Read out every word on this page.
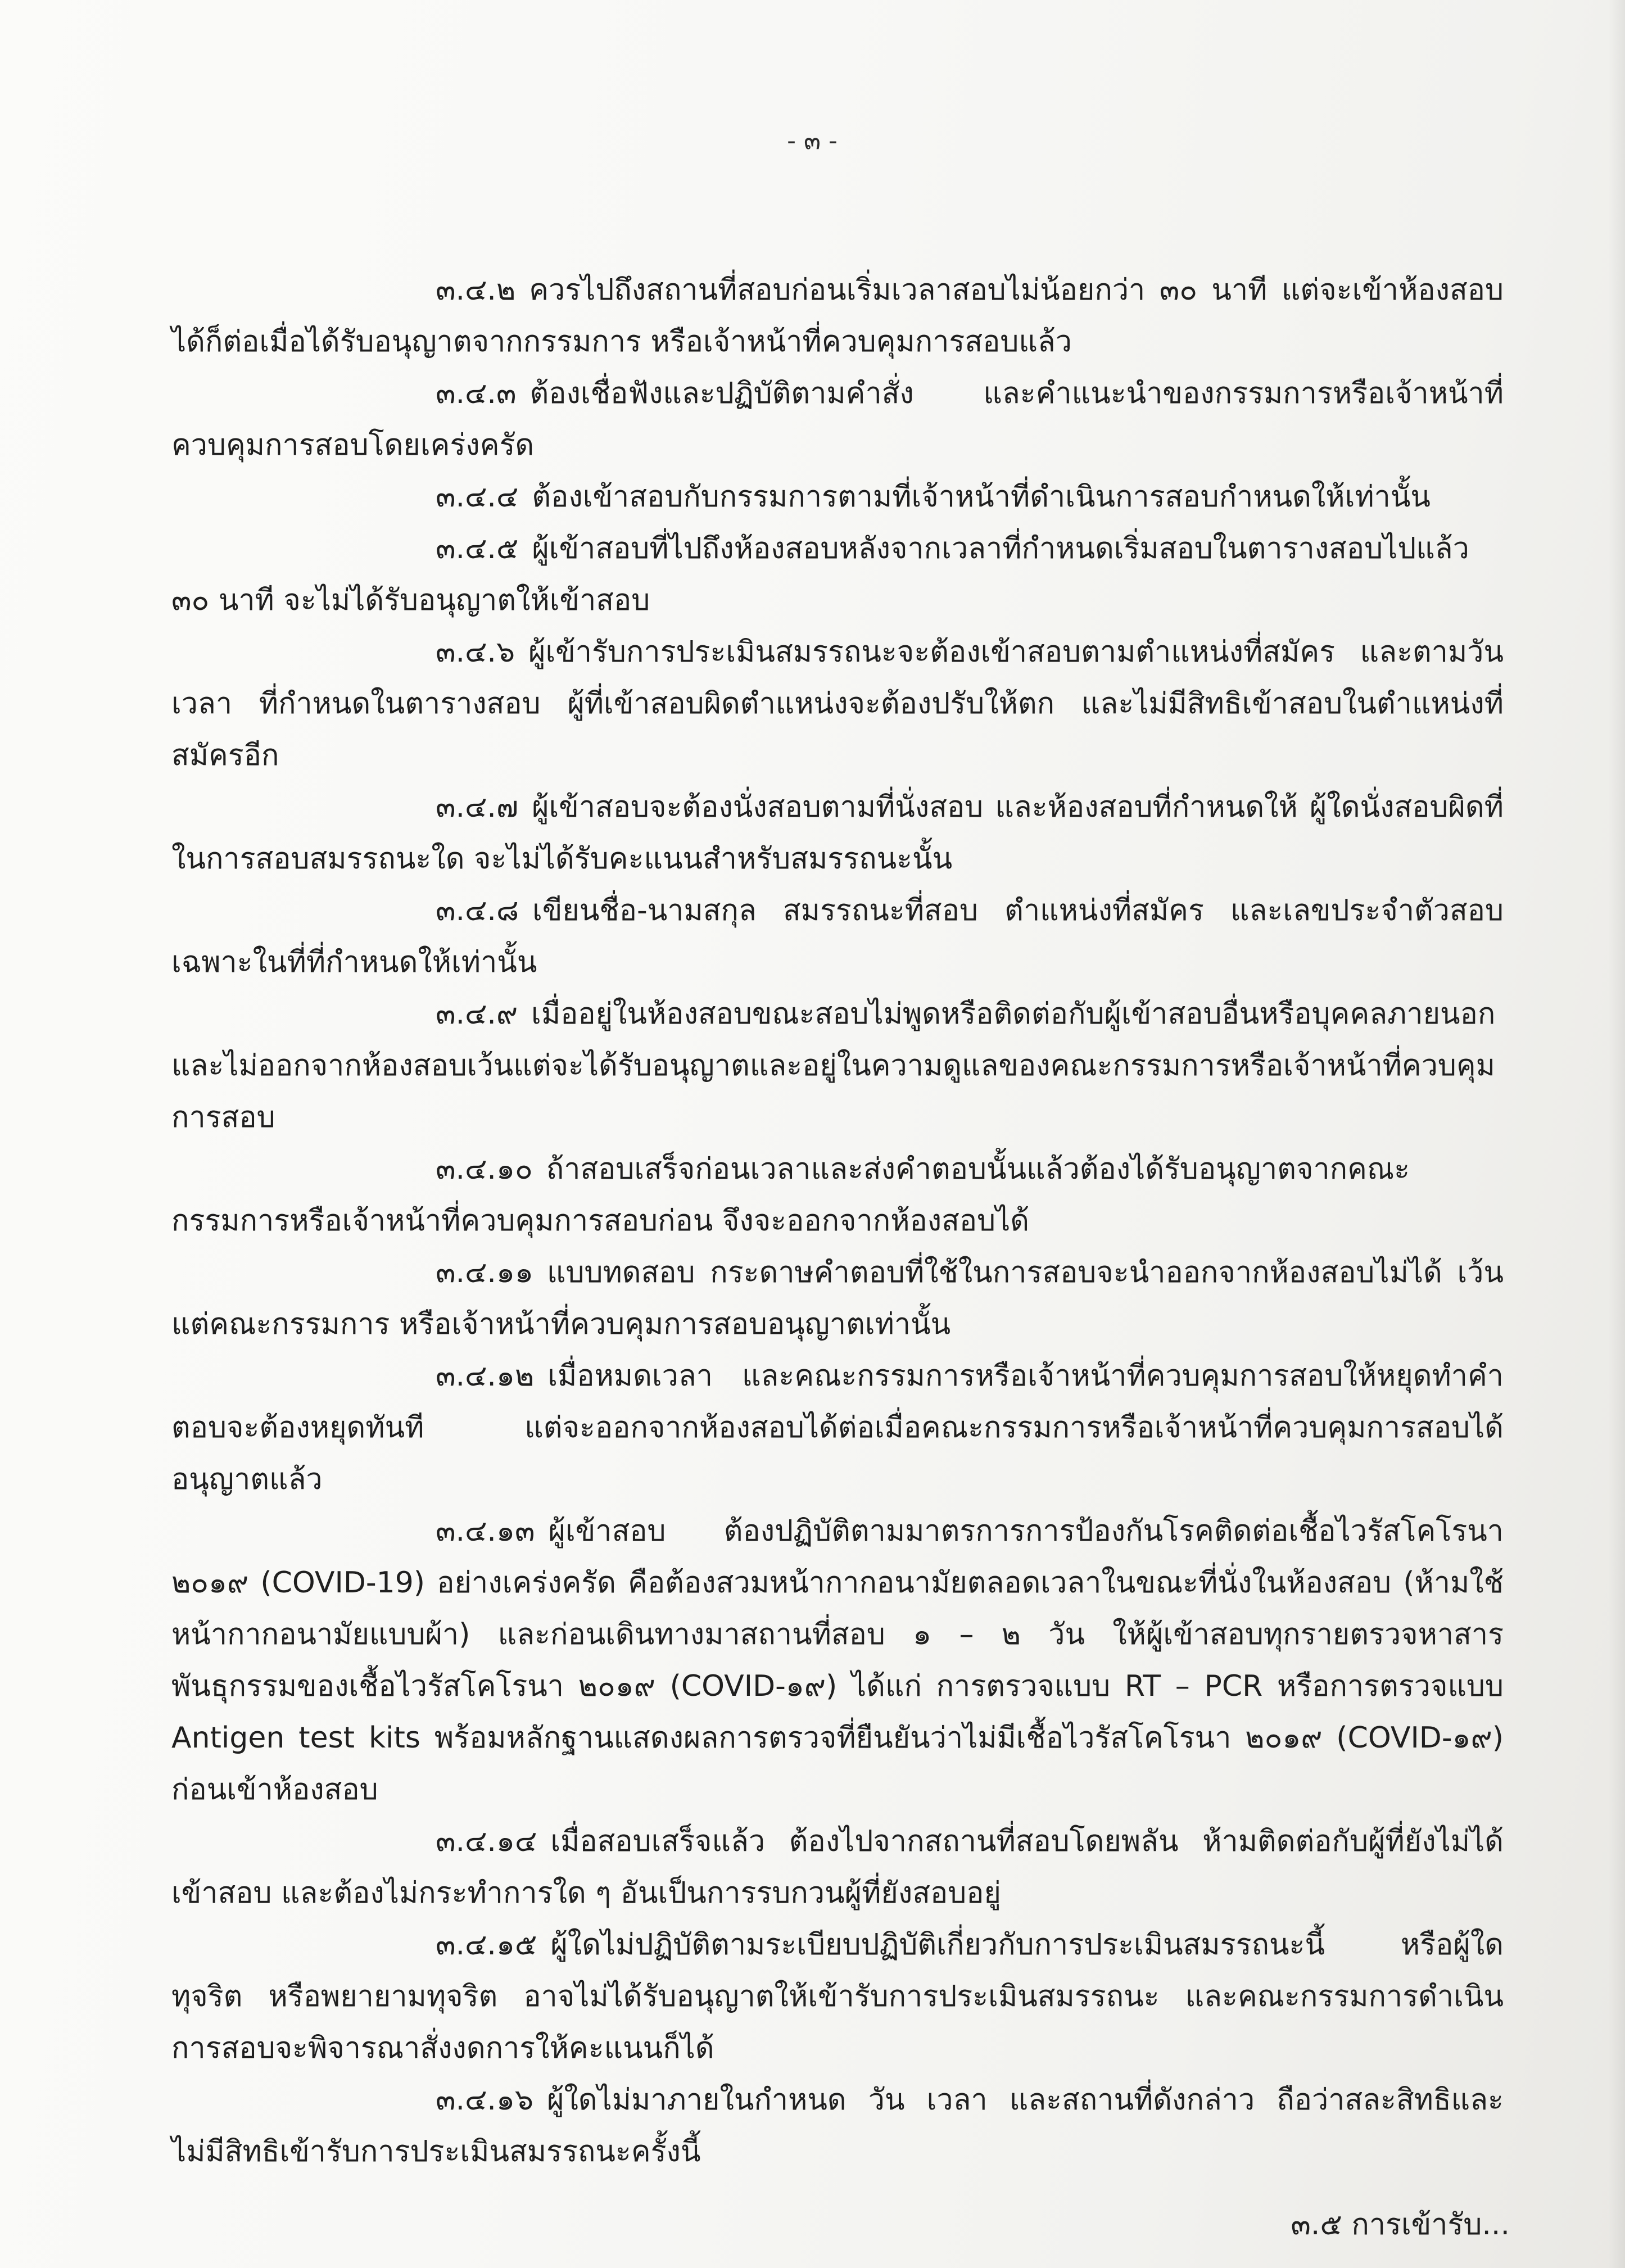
- ๓ -

๓.๔.๒ ควรไปถึงสถานที่สอบก่อนเริ่มเวลาสอบไม่น้อยกว่า ๓๐ นาที แต่จะเข้าห้องสอบได้ก็ต่อเมื่อได้รับอนุญาตจากกรรมการ หรือเจ้าหน้าที่ควบคุมการสอบแล้ว

๓.๔.๓ ต้องเชื่อฟังและปฏิบัติตามคำสั่ง และคำแนะนำของกรรมการหรือเจ้าหน้าที่ควบคุมการสอบโดยเคร่งครัด

๓.๔.๔ ต้องเข้าสอบกับกรรมการตามที่เจ้าหน้าที่ดำเนินการสอบกำหนดให้เท่านั้น

๓.๔.๕ ผู้เข้าสอบที่ไปถึงห้องสอบหลังจากเวลาที่กำหนดเริ่มสอบในตารางสอบไปแล้ว ๓๐ นาที จะไม่ได้รับอนุญาตให้เข้าสอบ

๓.๔.๖ ผู้เข้ารับการประเมินสมรรถนะจะต้องเข้าสอบตามตำแหน่งที่สมัคร และตามวันเวลา ที่กำหนดในตารางสอบ ผู้ที่เข้าสอบผิดตำแหน่งจะต้องปรับให้ตก และไม่มีสิทธิเข้าสอบในตำแหน่งที่สมัครอีก

๓.๔.๗ ผู้เข้าสอบจะต้องนั่งสอบตามที่นั่งสอบ และห้องสอบที่กำหนดให้ ผู้ใดนั่งสอบผิดที่ในการสอบสมรรถนะใด จะไม่ได้รับคะแนนสำหรับสมรรถนะนั้น

๓.๔.๘ เขียนชื่อ-นามสกุล สมรรถนะที่สอบ ตำแหน่งที่สมัคร และเลขประจำตัวสอบเฉพาะในที่ที่กำหนดให้เท่านั้น

๓.๔.๙ เมื่ออยู่ในห้องสอบขณะสอบไม่พูดหรือติดต่อกับผู้เข้าสอบอื่นหรือบุคคลภายนอกและไม่ออกจากห้องสอบเว้นแต่จะได้รับอนุญาตและอยู่ในความดูแลของคณะกรรมการหรือเจ้าหน้าที่ควบคุมการสอบ

๓.๔.๑๐ ถ้าสอบเสร็จก่อนเวลาและส่งคำตอบนั้นแล้วต้องได้รับอนุญาตจากคณะกรรมการหรือเจ้าหน้าที่ควบคุมการสอบก่อน จึงจะออกจากห้องสอบได้

๓.๔.๑๑ แบบทดสอบ กระดาษคำตอบที่ใช้ในการสอบจะนำออกจากห้องสอบไม่ได้ เว้นแต่คณะกรรมการ หรือเจ้าหน้าที่ควบคุมการสอบอนุญาตเท่านั้น

๓.๔.๑๒ เมื่อหมดเวลา และคณะกรรมการหรือเจ้าหน้าที่ควบคุมการสอบให้หยุดทำคำตอบจะต้องหยุดทันที แต่จะออกจากห้องสอบได้ต่อเมื่อคณะกรรมการหรือเจ้าหน้าที่ควบคุมการสอบได้อนุญาตแล้ว

๓.๔.๑๓ ผู้เข้าสอบ ต้องปฏิบัติตามมาตรการการป้องกันโรคติดต่อเชื้อไวรัสโคโรนา ๒๐๑๙ (COVID-19) อย่างเคร่งครัด คือต้องสวมหน้ากากอนามัยตลอดเวลาในขณะที่นั่งในห้องสอบ (ห้ามใช้หน้ากากอนามัยแบบผ้า) และก่อนเดินทางมาสถานที่สอบ ๑ – ๒ วัน ให้ผู้เข้าสอบทุกรายตรวจหาสารพันธุกรรมของเชื้อไวรัสโคโรนา ๒๐๑๙ (COVID-๑๙) ได้แก่ การตรวจแบบ RT – PCR หรือการตรวจแบบ Antigen test kits พร้อมหลักฐานแสดงผลการตรวจที่ยืนยันว่าไม่มีเชื้อไวรัสโคโรนา ๒๐๑๙ (COVID-๑๙) ก่อนเข้าห้องสอบ

๓.๔.๑๔ เมื่อสอบเสร็จแล้ว ต้องไปจากสถานที่สอบโดยพลัน ห้ามติดต่อกับผู้ที่ยังไม่ได้เข้าสอบ และต้องไม่กระทำการใด ๆ อันเป็นการรบกวนผู้ที่ยังสอบอยู่

๓.๔.๑๕ ผู้ใดไม่ปฏิบัติตามระเบียบปฏิบัติเกี่ยวกับการประเมินสมรรถนะนี้ หรือผู้ใดทุจริต หรือพยายามทุจริต อาจไม่ได้รับอนุญาตให้เข้ารับการประเมินสมรรถนะ และคณะกรรมการดำเนินการสอบจะพิจารณาสั่งงดการให้คะแนนก็ได้

๓.๔.๑๖ ผู้ใดไม่มาภายในกำหนด วัน เวลา และสถานที่ดังกล่าว ถือว่าสละสิทธิและไม่มีสิทธิเข้ารับการประเมินสมรรถนะครั้งนี้

๓.๕ การเข้ารับ...
